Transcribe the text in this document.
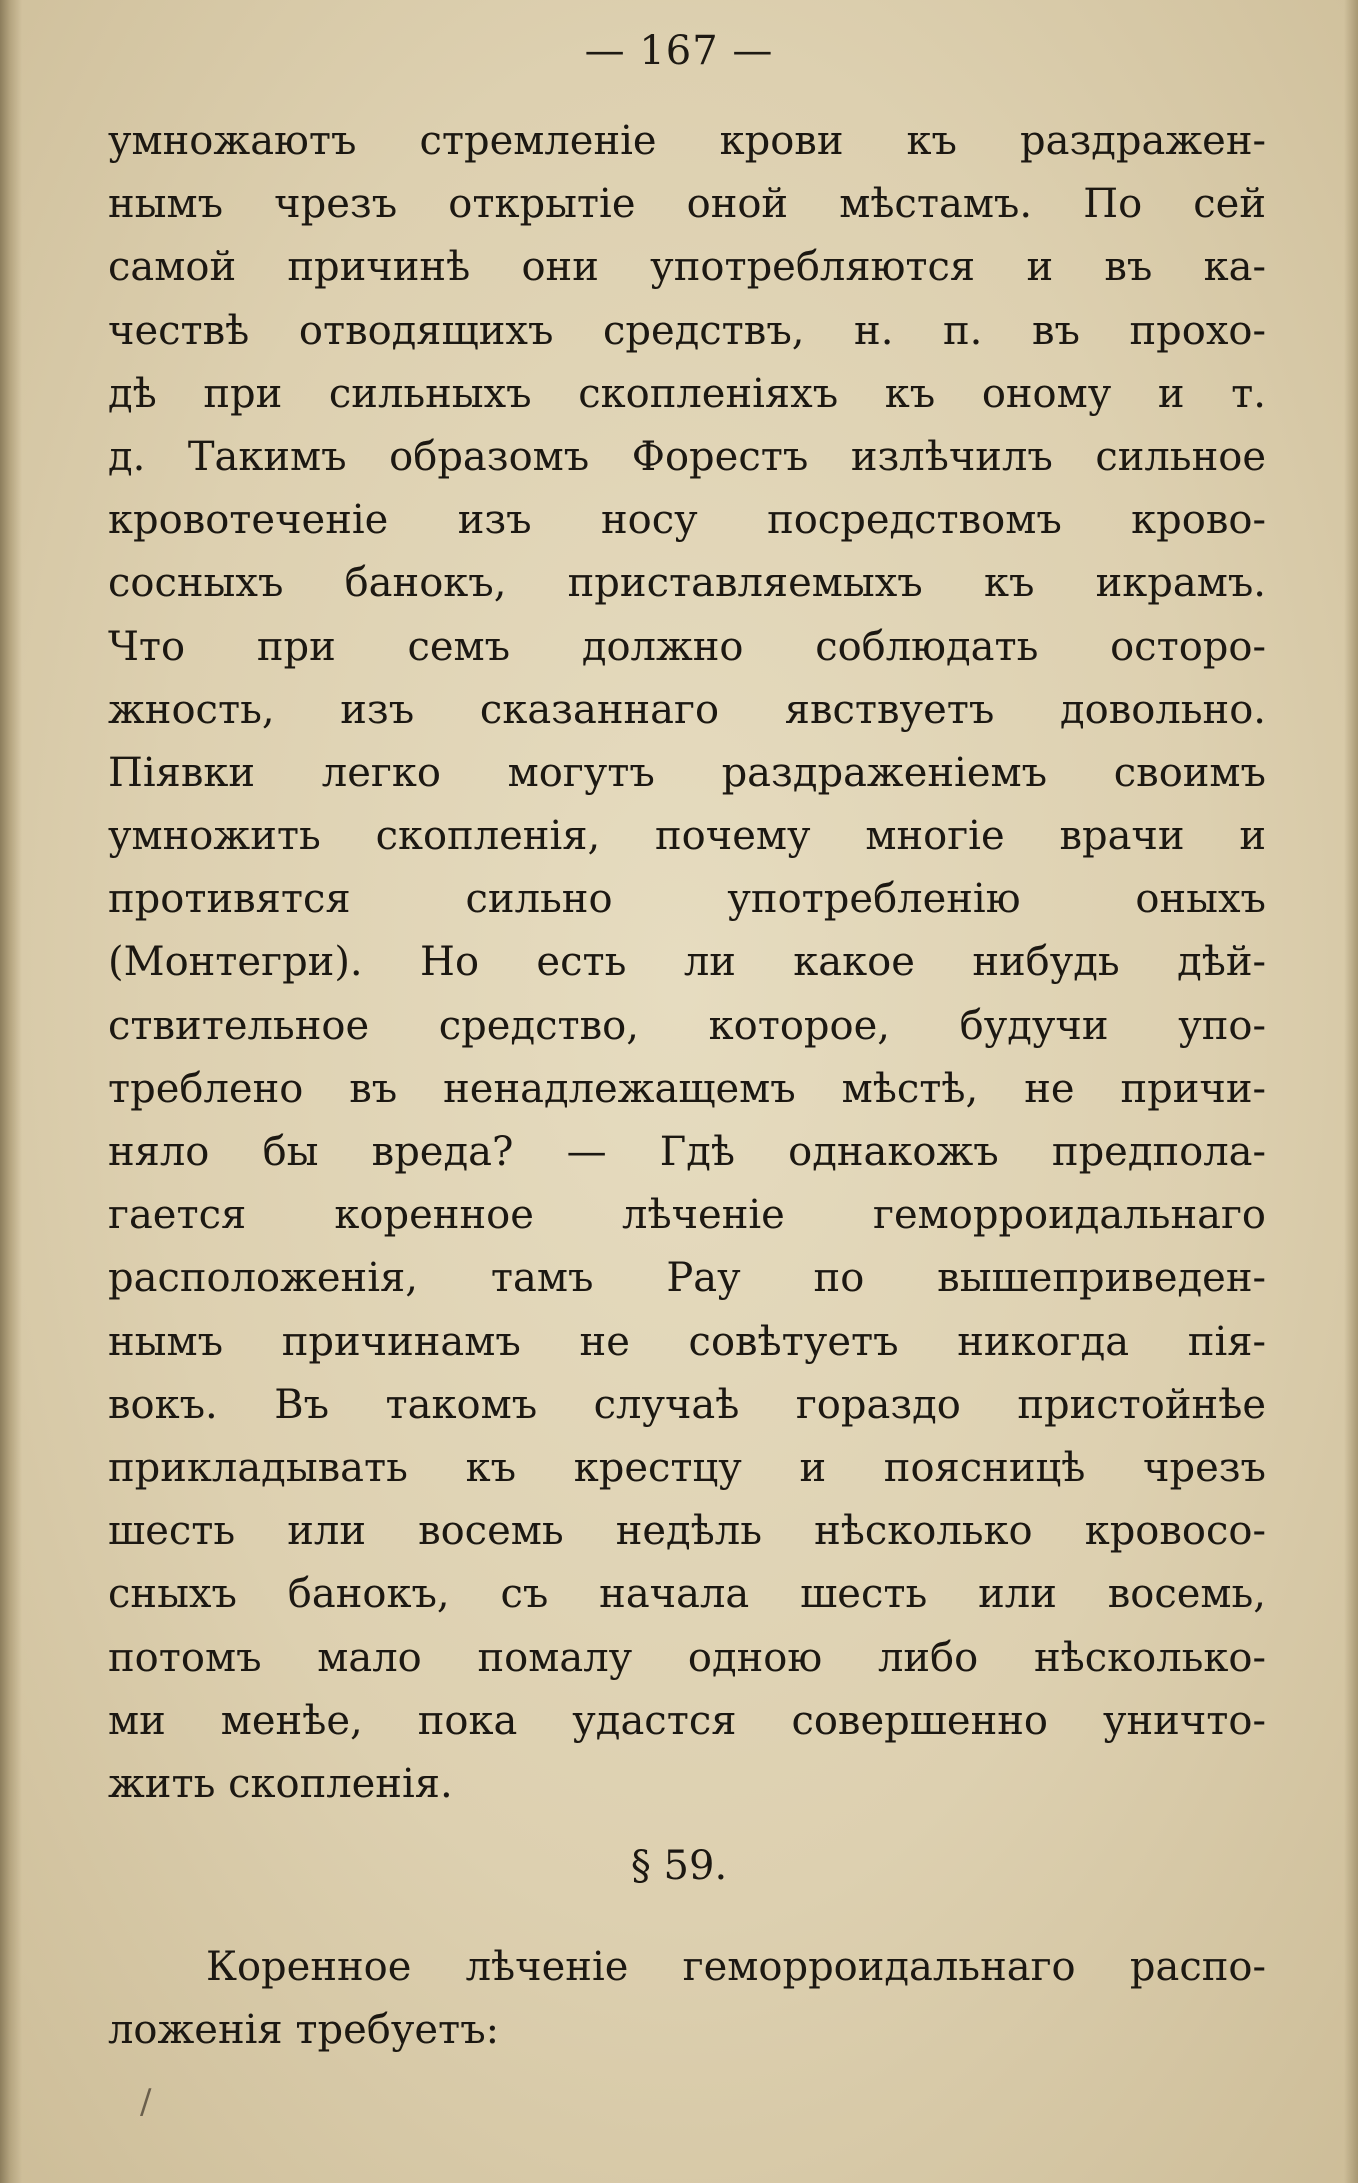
— 167 —
умножаютъ стремленіе крови къ раздражен-
нымъ чрезъ открытіе оной мѣстамъ. По сей
самой причинѣ они употребляются и въ ка-
чествѣ отводящихъ средствъ, н. п. въ прохо-
дѣ при сильныхъ скопленіяхъ къ оному и т.
д. Такимъ образомъ Форестъ излѣчилъ сильное
кровотеченіе изъ носу посредствомъ крово-
сосныхъ банокъ, приставляемыхъ къ икрамъ.
Что при семъ должно соблюдать осторо-
жность, изъ сказаннаго явствуетъ довольно.
Піявки легко могутъ раздраженіемъ своимъ
умножить скопленія, почему многіе врачи и
противятся сильно употребленію оныхъ
(Монтегри). Но есть ли какое нибудь дѣй-
ствительное средство, которое, будучи упо-
треблено въ ненадлежащемъ мѣстѣ, не причи-
няло бы вреда? — Гдѣ однакожъ предпола-
гается коренное лѣченіе геморроидальнаго
расположенія, тамъ Рау по вышеприведен-
нымъ причинамъ не совѣтуетъ никогда пія-
вокъ. Въ такомъ случаѣ гораздо пристойнѣе
прикладывать къ крестцу и поясницѣ чрезъ
шесть или восемь недѣль нѣсколько кровосо-
сныхъ банокъ, съ начала шесть или восемь,
потомъ мало помалу одною либо нѣсколько-
ми менѣе, пока удастся совершенно уничто-
жить скопленія.
§ 59.
Коренное лѣченіе геморроидальнаго распо-
ложенія требуетъ:
/
